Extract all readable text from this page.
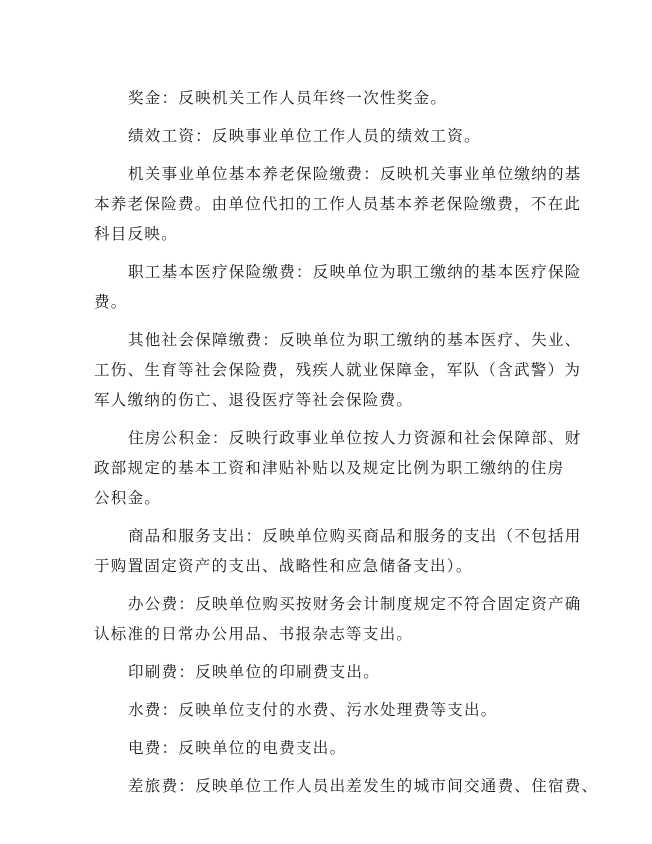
奖金：反映机关工作人员年终一次性奖金。

绩效工资：反映事业单位工作人员的绩效工资。

机关事业单位基本养老保险缴费：反映机关事业单位缴纳的基
本养老保险费。由单位代扣的工作人员基本养老保险缴费，不在此
科目反映。

职工基本医疗保险缴费：反映单位为职工缴纳的基本医疗保险
费。

其他社会保障缴费：反映单位为职工缴纳的基本医疗、失业、
工伤、生育等社会保险费，残疾人就业保障金，军队（含武警）为
军人缴纳的伤亡、退役医疗等社会保险费。

住房公积金：反映行政事业单位按人力资源和社会保障部、财
政部规定的基本工资和津贴补贴以及规定比例为职工缴纳的住房
公积金。

商品和服务支出：反映单位购买商品和服务的支出（不包括用
于购置固定资产的支出、战略性和应急储备支出）。

办公费：反映单位购买按财务会计制度规定不符合固定资产确
认标准的日常办公用品、书报杂志等支出。

印刷费：反映单位的印刷费支出。

水费：反映单位支付的水费、污水处理费等支出。

电费：反映单位的电费支出。

差旅费：反映单位工作人员出差发生的城市间交通费、住宿费、
